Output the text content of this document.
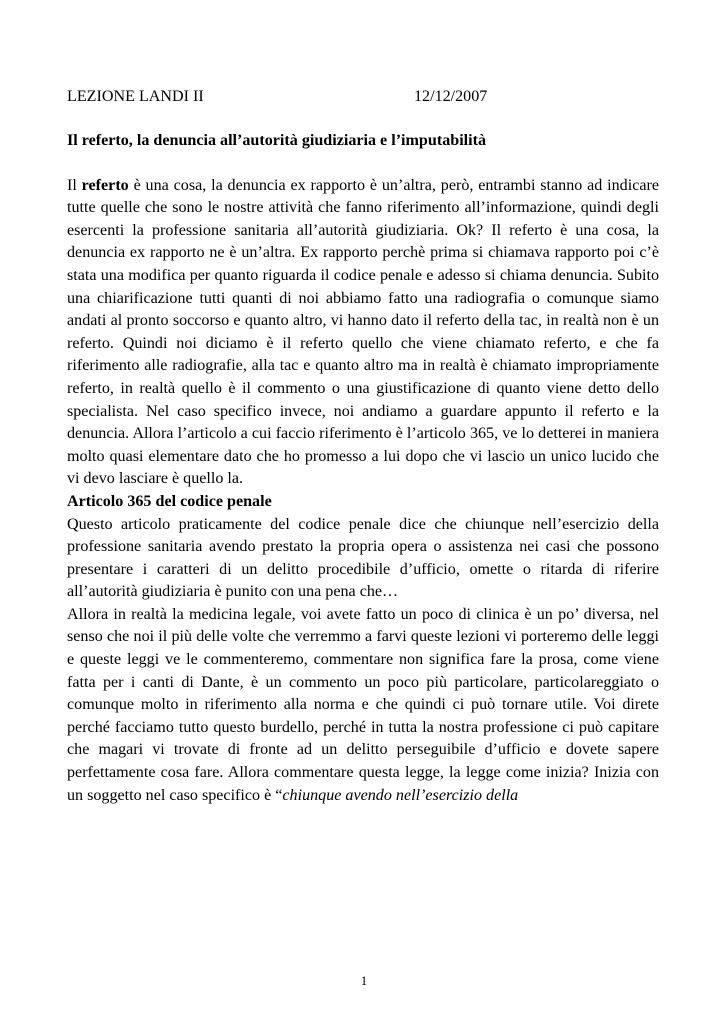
LEZIONE LANDI II	12/12/2007
Il referto, la denuncia all’autorità giudiziaria e l’imputabilità

Il referto è una cosa, la denuncia ex rapporto è un’altra, però, entrambi stanno ad indicare tutte quelle che sono le nostre attività che fanno riferimento all’informazione, quindi degli esercenti la professione sanitaria all’autorità giudiziaria. Ok? Il referto è una cosa, la denuncia ex rapporto ne è un’altra. Ex rapporto perchè prima si chiamava rapporto poi c’è stata una modifica per quanto riguarda il codice penale e adesso si chiama denuncia. Subito una chiarificazione tutti quanti di noi abbiamo fatto una radiografia o comunque siamo andati al pronto soccorso e quanto altro, vi hanno dato il referto della tac, in realtà non è un referto. Quindi noi diciamo è il referto quello che viene chiamato referto, e che fa riferimento alle radiografie, alla tac e quanto altro ma in realtà è chiamato impropriamente referto, in realtà quello è il commento o una giustificazione di quanto viene detto dello specialista. Nel caso specifico invece, noi andiamo a guardare appunto il referto e la denuncia. Allora l’articolo a cui faccio riferimento è l’articolo 365, ve lo detterei in maniera molto quasi elementare dato che ho promesso a lui dopo che vi lascio un unico lucido che vi devo lasciare è quello la.

Articolo 365 del codice penale

Questo articolo praticamente del codice penale dice che chiunque nell’esercizio della professione sanitaria avendo prestato la propria opera o assistenza nei casi che possono presentare i caratteri di un delitto procedibile d’ufficio, omette o ritarda di riferire all’autorità giudiziaria è punito con una pena che…

Allora in realtà la medicina legale, voi avete fatto un poco di clinica è un po’ diversa, nel senso che noi il più delle volte che verremmo a farvi queste lezioni vi porteremo delle leggi e queste leggi ve le commenteremo, commentare non significa fare la prosa, come viene fatta per i canti di Dante, è un commento un poco più particolare, particolareggiato o comunque molto in riferimento alla norma e che quindi ci può tornare utile. Voi direte perché facciamo tutto questo burdello, perché in tutta la nostra professione ci può capitare che magari vi trovate di fronte ad un delitto perseguibile d’ufficio e dovete sapere perfettamente cosa fare. Allora commentare questa legge, la legge come inizia? Inizia con un soggetto nel caso specifico è “chiunque avendo nell’esercizio della

1
